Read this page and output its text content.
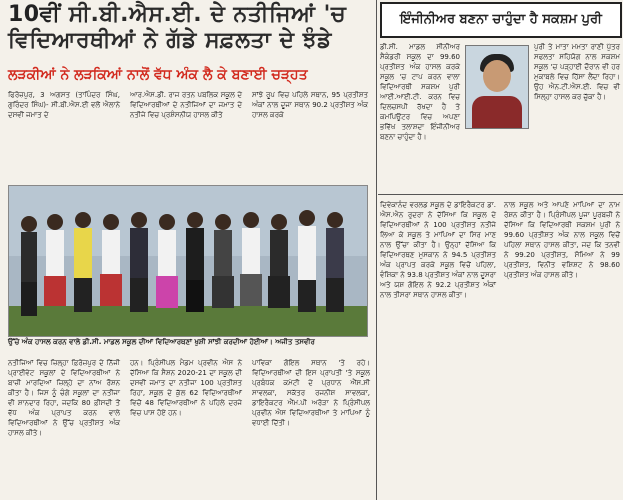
10ਵੀਂ ਸੀ.ਬੀ.ਐਸ.ਈ. ਦੇ ਨਤੀਜਿਆਂ 'ਚ
ਵਿਦਿਆਰਥੀਆਂ ਨੇ ਗੱਡੇ ਸਫ਼ਲਤਾ ਦੇ ਝੰਡੇ
ਲੜਕੀਆਂ ਨੇ ਲੜਕਿਆਂ ਨਾਲੋਂ ਵੱਧ ਅੰਕ ਲੈ ਕੇ ਬਣਾਈ ਚੜ੍ਹਤ
ਫਿਰੋਜ਼ਪੁਰ, 3 ਅਗਸਤ (ਤਾਪਿੰਦਰ ਸਿੰਘ, ਗੁਰਿੰਦਰ ਸਿੰਘ)- ਸੀ.ਬੀ.ਐਸ.ਈ ਵਲੋਂ ਐਲਾਨੇ ਦਸਵੀਂ ਜਮਾਤ ਦੇ
ਆਰ.ਐਸ.ਡੀ. ਰਾਜ ਰਤਨ ਪਬਲਿਕ ਸਕੂਲ ਦੇ ਵਿਦਿਆਰਥੀਆਂ ਦੇ ਨਤੀਜਿਆਂ ਦਾ ਜਮਾਤ ਦੇ ਨਤੀਜੇ ਵਿਚ ਪ੍ਰਸ਼ੰਸਨੀਯ ਹਾਸਲ ਕੀਤੇ
ਸਾਂਝੇ ਰੂਪ ਵਿਚ ਪਹਿਲੇ ਸਥਾਨ, 95 ਪ੍ਰਤੀਸ਼ਤ ਅੰਕਾਂ ਨਾਲ ਦੂਜਾ ਸਥਾਨ 90.2 ਪ੍ਰਤੀਸ਼ਤ ਅੰਕ ਹਾਸਲ ਕਰਕੇ
ਉੱਚੇ ਅੰਕ ਹਾਸਲ ਕਰਨ ਵਾਲੇ ਡੀ.ਸੀ. ਮਾਡਲ ਸਕੂਲ ਦੀਆਂ ਵਿਦਿਆਰਥਣਾਂ ਖੁਸ਼ੀ ਸਾਂਝੀ ਕਰਦੀਆਂ ਹੋਈਆਂ। ਅਜੀਤ ਤਸਵੀਰ
ਨਤੀਜਿਆਂ ਵਿਚ ਜ਼ਿਲ੍ਹਾ ਫ਼ਿਰੋਜ਼ਪੁਰ ਦੇ ਨਿੱਜੀ ਪ੍ਰਾਈਵੇਟ ਸਕੂਲਾਂ ਦੇ ਵਿਦਿਆਰਥੀਆਂ ਨੇ ਬਾਜ਼ੀ ਮਾਰਦਿਆਂ ਜ਼ਿਲ੍ਹੇ ਦਾ ਨਾਂਅ ਰੌਸ਼ਨ ਕੀਤਾ ਹੈ। ਜਿਸ ਨੂੰ ਚੰਗੇ ਸਕੂਲਾਂ ਦਾ ਨਤੀਜਾ ਵੀ ਸ਼ਾਨਦਾਰ ਰਿਹਾ, ਜਦਕਿ 80 ਫ਼ੀਸਦੀ ਤੋਂ ਵੱਧ ਅੰਕ ਪ੍ਰਾਪਤ ਕਰਨ ਵਾਲੇ ਵਿਦਿਆਰਥੀਆਂ ਨੇ ਉੱਚ ਪ੍ਰਤੀਸ਼ਤ ਅੰਕ ਹਾਸਲ ਕੀਤੇ।
ਹਨ। ਪ੍ਰਿੰਸੀਪਲ ਮੈਡਮ ਪ੍ਰਵੀਨ ਐਸ ਨੇ ਦੱਸਿਆ ਕਿ ਸੈਸ਼ਨ 2020-21 ਦਾ ਸਕੂਲ ਦੀ ਦਸਵੀਂ ਜਮਾਤ ਦਾ ਨਤੀਜਾ 100 ਪ੍ਰਤੀਸ਼ਤ ਰਿਹਾ, ਸਕੂਲ ਦੇ ਕੁੱਲ 62 ਵਿਦਿਆਰਥੀਆਂ ਵਿਚੋਂ 48 ਵਿਦਿਆਰਥੀਆਂ ਨੇ ਪਹਿਲੇ ਦਰਜੇ ਵਿਚ ਪਾਸ ਹੋਏ ਹਨ।
ਪਾਵਿਕਾ ਗੋਇਲ ਸਥਾਨ 'ਤੇ ਰਹੇ। ਵਿਦਿਆਰਥੀਆਂ ਦੀ ਇਸ ਪ੍ਰਾਪਤੀ 'ਤੇ ਸਕੂਲ ਪ੍ਰਬੰਧਕ ਕਮੇਟੀ ਦੇ ਪ੍ਰਧਾਨ ਐੱਸ.ਸੀ ਸਾਵਲਕਾ, ਸਕੱਤਰ ਰਜਨੀਸ਼ ਸਾਵਲਕਾ, ਡਾਇਰੈਕਟਰ ਐੱਮ.ਪੀ ਅਰੋੜਾ ਨੇ ਪ੍ਰਿੰਸੀਪਲ ਪ੍ਰਵੀਨ ਐਸ ਵਿਦਿਆਰਥੀਆਂ ਤੇ ਮਾਪਿਆਂ ਨੂੰ ਵਧਾਈ ਦਿੱਤੀ।
ਇੰਜੀਨੀਅਰ ਬਣਨਾ ਚਾਹੁੰਦਾ ਹੈ ਸਕਸ਼ਮ ਪੁਰੀ
ਡੀ.ਸੀ. ਮਾਡਲ ਸੀਨੀਅਰ ਸੈਕੰਡਰੀ ਸਕੂਲ ਦਾ 99.60 ਪ੍ਰਤੀਸ਼ਤ ਅੰਕ ਹਾਸਲ ਕਰਕੇ ਸਕੂਲ 'ਚ ਟਾਪ ਕਰਨ ਵਾਲਾ ਵਿਦਿਆਰਥੀ ਸਕਸ਼ਮ ਪੁਰੀ ਆਈ.ਆਈ.ਟੀ. ਕਰਨ ਵਿਚ ਦਿਲਚਸਪੀ ਰੱਖਦਾ ਹੈ ਤੇ ਕਮਪਿਊਟਰ ਵਿਚ ਅਪਣਾ ਭਵਿੱਖ ਤਲਾਸ਼ਦਾ ਇੰਜੀਨੀਅਰ ਬਣਨਾ ਚਾਹੁੰਦਾ ਹੈ।
ਪੁਰੀ ਤੇ ਮਾਤਾ ਮਮਤਾ ਰਾਣੀ ਪੁੱਤਰ ਸਫਲਤਾ ਸਹਿਯੋਗ ਨਾਲ ਸਕਸ਼ਮ ਸਕੂਲ 'ਚ ਪੜ੍ਹਾਈ ਦੌਰਾਨ ਵੀ ਹਰ ਮੁਕਾਬਲੇ ਵਿਚ ਹਿੱਸਾ ਲੈਂਦਾ ਰਿਹਾ। ਉਹ ਐਨ.ਟੀ.ਐਸ.ਈ. ਵਿਚ ਵੀ ਸਿਲ੍ਹਾ ਹਾਸਲ ਕਰ ਚੁੱਕਾ ਹੈ।
ਦਿਵੇਕਾਨੰਦ ਵਰਲਡ ਸਕੂਲ ਦੇ ਡਾਇਰੈਕਟਰ ਡਾ. ਐਸ.ਐਨ ਰੁਦਰਾ ਨੇ ਦੱਸਿਆ ਕਿ ਸਕੂਲ ਦੇ ਵਿਦਿਆਰਥੀਆਂ ਨੇ 100 ਪ੍ਰਤੀਸ਼ਤ ਨਤੀਜੇ ਲਿਆ ਕੇ ਸਕੂਲ ਤੇ ਮਾਪਿਆਂ ਦਾ ਸਿਰ ਮਾਣ ਨਾਲ ਉੱਚਾ ਕੀਤਾ ਹੈ। ਉਨ੍ਹਾਂ ਦੱਸਿਆ ਕਿ ਵਿਦਿਆਰਥਣ ਮੁਸਕਾਨ ਨੇ 94.5 ਪ੍ਰਤੀਸ਼ਤ ਅੰਕ ਪ੍ਰਾਪਤ ਕਰਕੇ ਸਕੂਲ ਵਿਚੋਂ ਪਹਿਲਾ, ਵੰਸ਼ਿਕਾ ਨੇ 93.8 ਪ੍ਰਤੀਸ਼ਤ ਅੰਕਾਂ ਨਾਲ ਦੂਸਰਾ ਅਤੇ ਯਸ਼ ਗੋਇਲ ਨੇ 92.2 ਪ੍ਰਤੀਸ਼ਤ ਅੰਕਾਂ ਨਾਲ ਤੀਸਰਾ ਸਥਾਨ ਹਾਸਲ ਕੀਤਾ।
ਨਾਲ ਸਕੂਲ ਅਤੇ ਆਪਣੇ ਮਾਪਿਆਂ ਦਾ ਨਾਮ ਰੋਸ਼ਨ ਕੀਤਾ ਹੈ। ਪ੍ਰਿੰਸੀਪਲ ਪੂਜਾ ਪੂਰਬਜ਼ੀ ਨੇ ਦੱਸਿਆ ਕਿ ਵਿਦਿਆਰਥੀ ਸਕਸ਼ਮ ਪੁਰੀ ਨੇ 99.60 ਪ੍ਰਤੀਸ਼ਤ ਅੰਕ ਨਾਲ ਸਕੂਲ ਵਿਚੋਂ ਪਹਿਲਾ ਸਥਾਨ ਹਾਸਲ ਕੀਤਾ, ਜਦ ਕਿ ਤਨਵੀ ਨੇ 99.20 ਪ੍ਰਤੀਸ਼ਤ, ਸੋਮਿਆ ਨੇ 99 ਪ੍ਰਤੀਸ਼ਤ, ਵਿਨੀਤ ਵਸ਼ਿਸ਼ਟ ਨੇ 98.60 ਪ੍ਰਤੀਸ਼ਤ ਅੰਕ ਹਾਸਲ ਕੀਤੇ।
